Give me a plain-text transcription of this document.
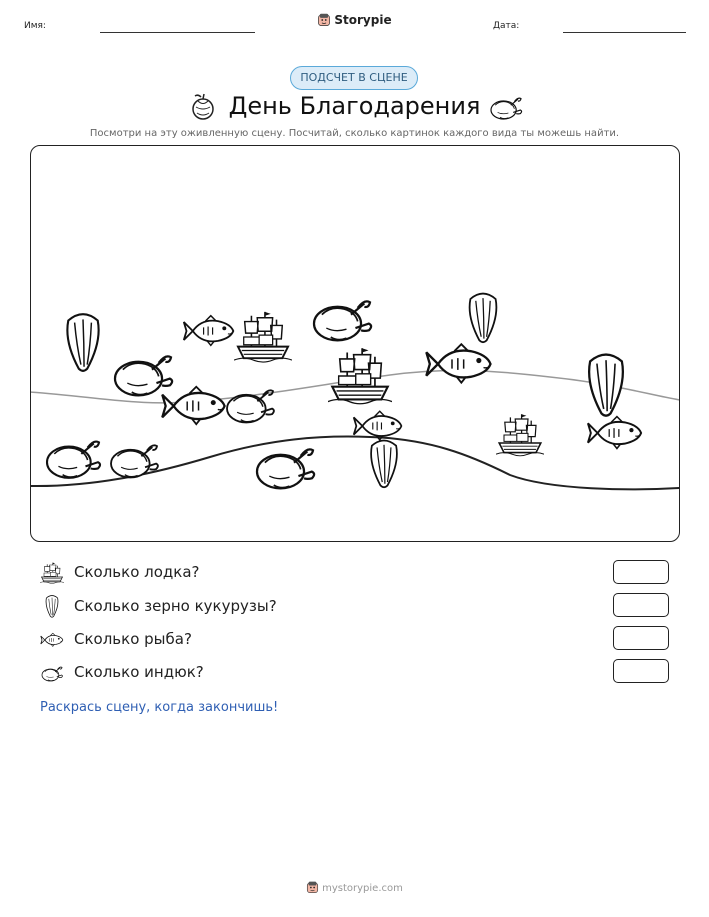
Имя:	Storypie	Дата:
ПОДСЧЕТ В СЦЕНЕ
День Благодарения
Посмотри на эту оживленную сцену. Посчитай, сколько картинок каждого вида ты можешь найти.
Сколько лодка?
Сколько зерно кукурузы?
Сколько рыба?
Сколько индюк?
Раскрась сцену, когда закончишь!
mystorypie.com
